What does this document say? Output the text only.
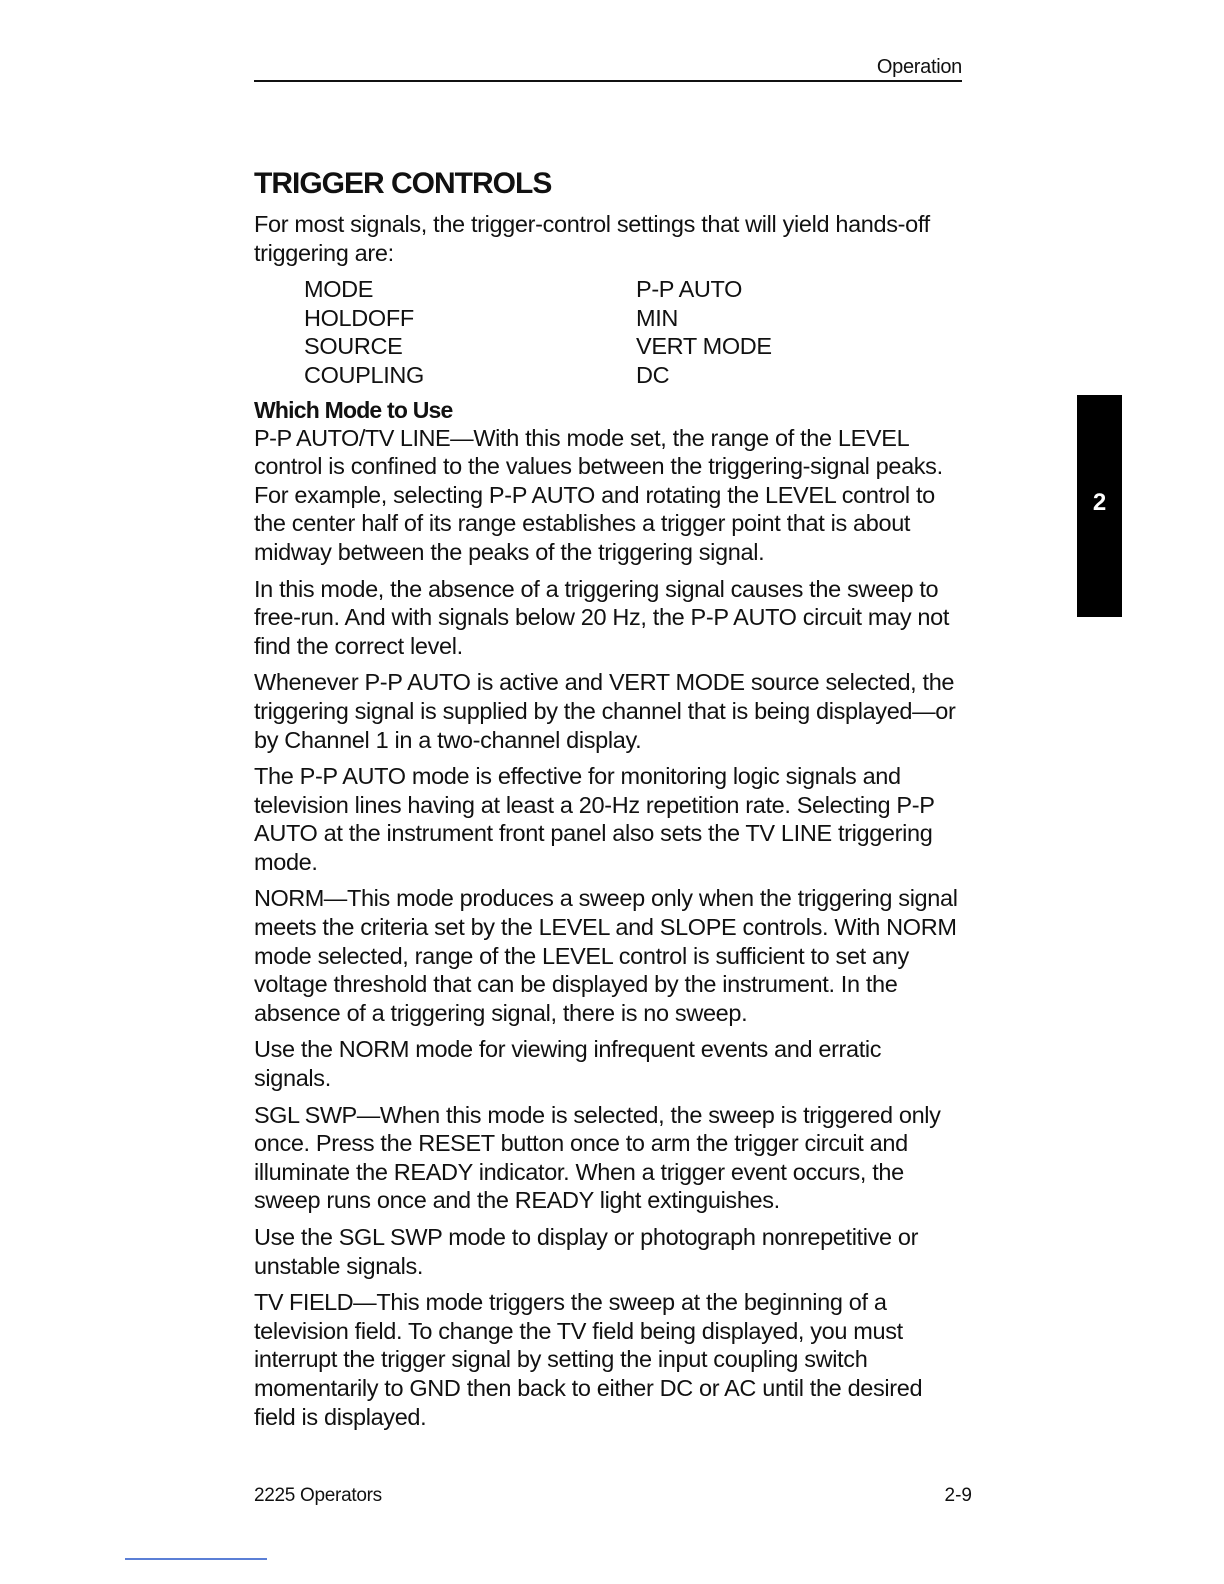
Operation
TRIGGER CONTROLS

For most signals, the trigger-control settings that will yield hands-off triggering are:

MODE	P-P AUTO
HOLDOFF	MIN
SOURCE	VERT MODE
COUPLING	DC
Which Mode to Use

P-P AUTO/TV LINE—With this mode set, the range of the LEVEL control is confined to the values between the triggering-signal peaks. For example, selecting P-P AUTO and rotating the LEVEL control to the center half of its range establishes a trigger point that is about midway between the peaks of the triggering signal.

In this mode, the absence of a triggering signal causes the sweep to free-run. And with signals below 20 Hz, the P-P AUTO circuit may not find the correct level.

Whenever P-P AUTO is active and VERT MODE source selected, the triggering signal is supplied by the channel that is being displayed—or by Channel 1 in a two-channel display.

The P-P AUTO mode is effective for monitoring logic signals and television lines having at least a 20-Hz repetition rate. Selecting P-P AUTO at the instrument front panel also sets the TV LINE triggering mode.

NORM—This mode produces a sweep only when the triggering signal meets the criteria set by the LEVEL and SLOPE controls. With NORM mode selected, range of the LEVEL control is sufficient to set any voltage threshold that can be displayed by the instrument. In the absence of a triggering signal, there is no sweep.

Use the NORM mode for viewing infrequent events and erratic signals.

SGL SWP—When this mode is selected, the sweep is triggered only once. Press the RESET button once to arm the trigger circuit and illuminate the READY indicator. When a trigger event occurs, the sweep runs once and the READY light extinguishes.

Use the SGL SWP mode to display or photograph nonrepetitive or unstable signals.

TV FIELD—This mode triggers the sweep at the beginning of a television field. To change the TV field being displayed, you must interrupt the trigger signal by setting the input coupling switch momentarily to GND then back to either DC or AC until the desired field is displayed.

2225 Operators	2-9
2
